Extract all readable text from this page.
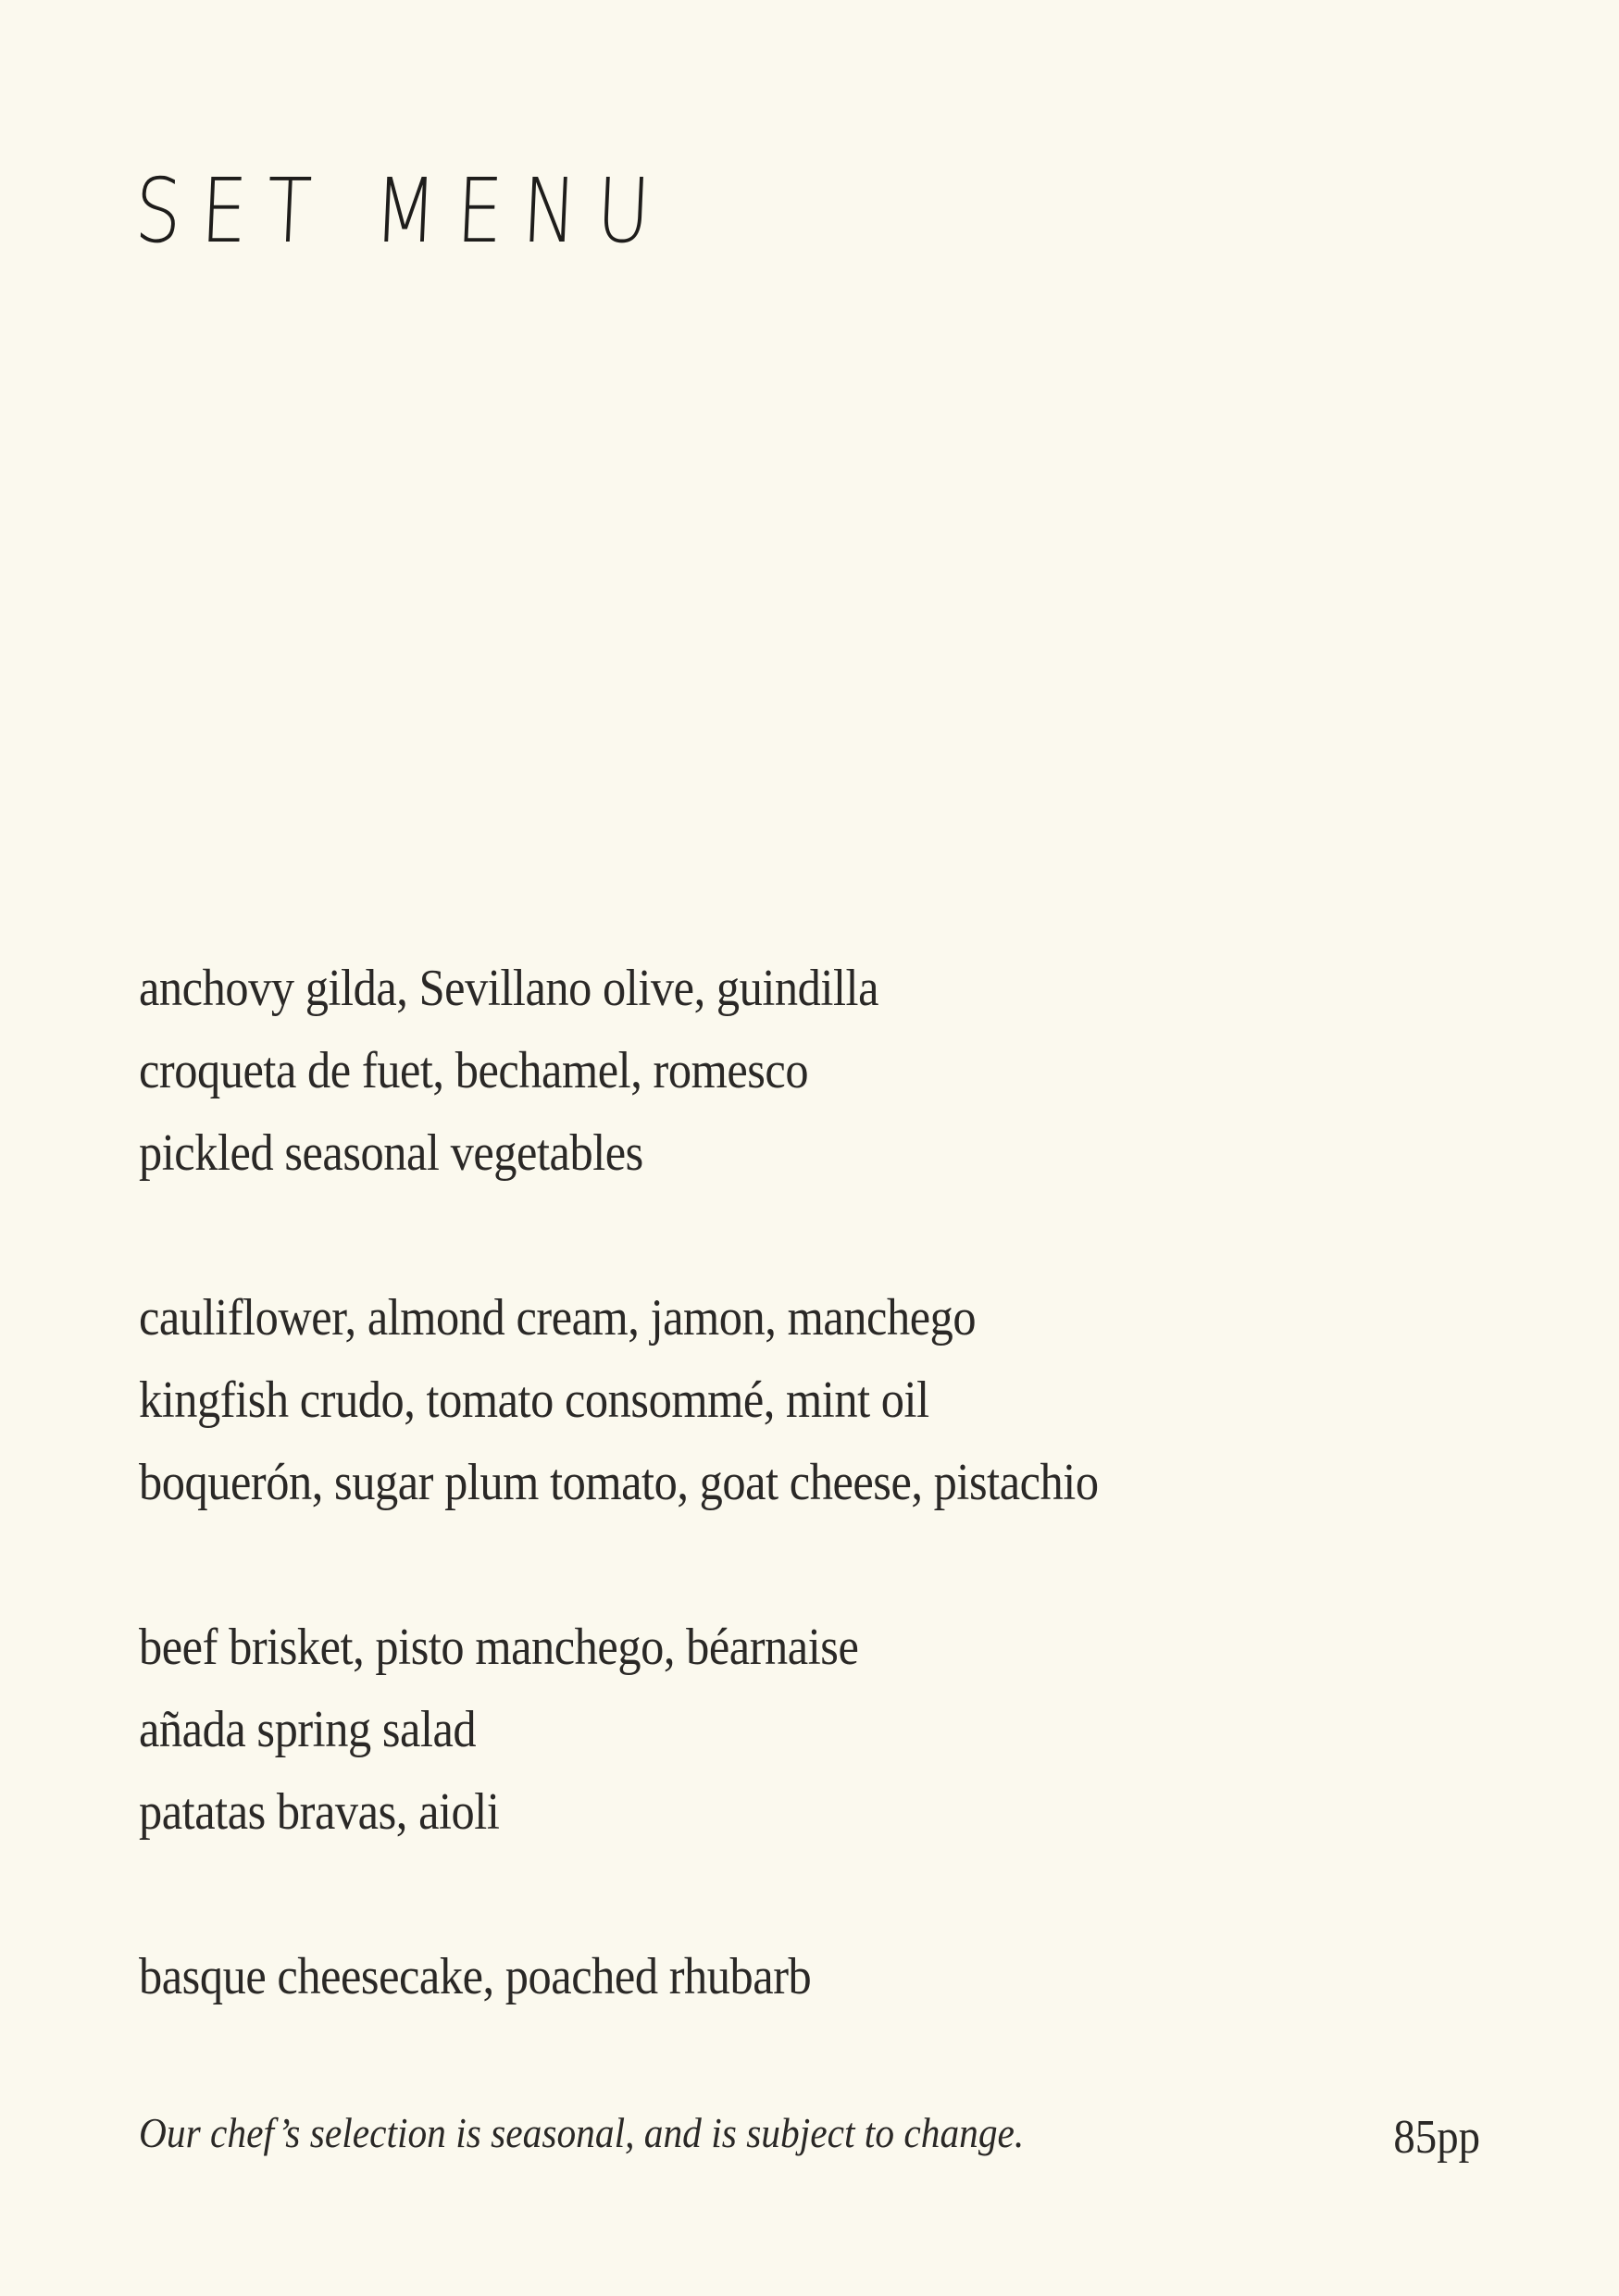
SET MENU
anchovy gilda, Sevillano olive, guindilla
croqueta de fuet, bechamel, romesco
pickled seasonal vegetables
cauliflower, almond cream, jamon, manchego
kingfish crudo, tomato consommé, mint oil
boquerón, sugar plum tomato, goat cheese, pistachio
beef brisket, pisto manchego, béarnaise
añada spring salad
patatas bravas, aioli
basque cheesecake, poached rhubarb
Our chef’s selection is seasonal, and is subject to change.	85pp
